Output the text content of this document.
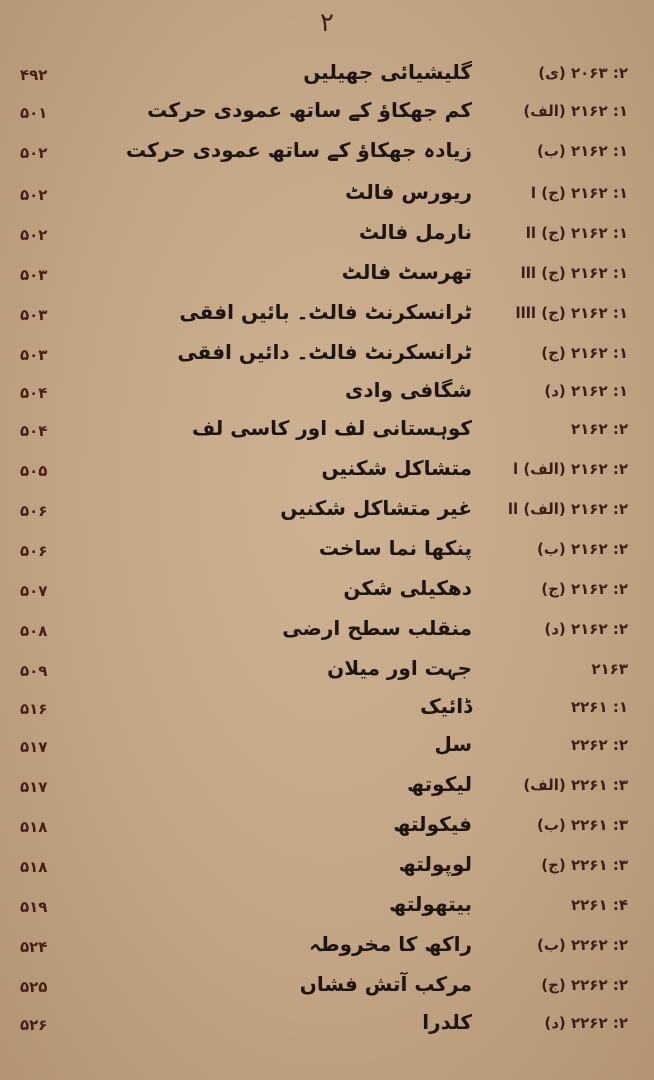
۲
۴۹۲	گلیشیائی جھیلیں	۲: ۲۰۶۳ (ی)
۵۰۱	کم جھکاؤ کے ساتھ عمودی حرکت	۱: ۲۱۶۲ (الف)
۵۰۲	زیادہ جھکاؤ کے ساتھ عمودی حرکت	۱: ۲۱۶۲ (ب)
۵۰۲	ریورس فالٹ	۱: ۲۱۶۲ (ج) ا
۵۰۲	نارمل فالٹ	۱: ۲۱۶۲ (ج) اا
۵۰۳	تھرسٹ فالٹ	۱: ۲۱۶۲ (ج) ااا
۵۰۳	ٹرانسکرنٹ فالٹ۔ بائیں افقی	۱: ۲۱۶۲ (ج) اااا
۵۰۳	ٹرانسکرنٹ فالٹ۔ دائیں افقی	۱: ۲۱۶۲ (ج)
۵۰۴	شگافی وادی	۱: ۲۱۶۲ (د)
۵۰۴	کوہستانی لف اور کاسی لف	۲: ۲۱۶۲
۵۰۵	متشاکل شکنیں	۲: ۲۱۶۲ (الف) ا
۵۰۶	غیر متشاکل شکنیں	۲: ۲۱۶۲ (الف) اا
۵۰۶	پنکھا نما ساخت	۲: ۲۱۶۲ (ب)
۵۰۷	دھکیلی شکن	۲: ۲۱۶۲ (ج)
۵۰۸	منقلب سطح ارضی	۲: ۲۱۶۲ (د)
۵۰۹	جہت اور میلان	۲۱۶۳
۵۱۶	ڈائیک	۱: ۲۲۶۱
۵۱۷	سل	۲: ۲۲۶۲
۵۱۷	لیکوتھ	۳: ۲۲۶۱ (الف)
۵۱۸	فیکولتھ	۳: ۲۲۶۱ (ب)
۵۱۸	لوپولتھ	۳: ۲۲۶۱ (ج)
۵۱۹	بیتھولتھ	۴: ۲۲۶۱
۵۲۴	راکھ کا مخروطہ	۲: ۲۲۶۲ (ب)
۵۲۵	مرکب آتش فشاں	۲: ۲۲۶۲ (ج)
۵۲۶	کلدرا	۲: ۲۲۶۲ (د)
